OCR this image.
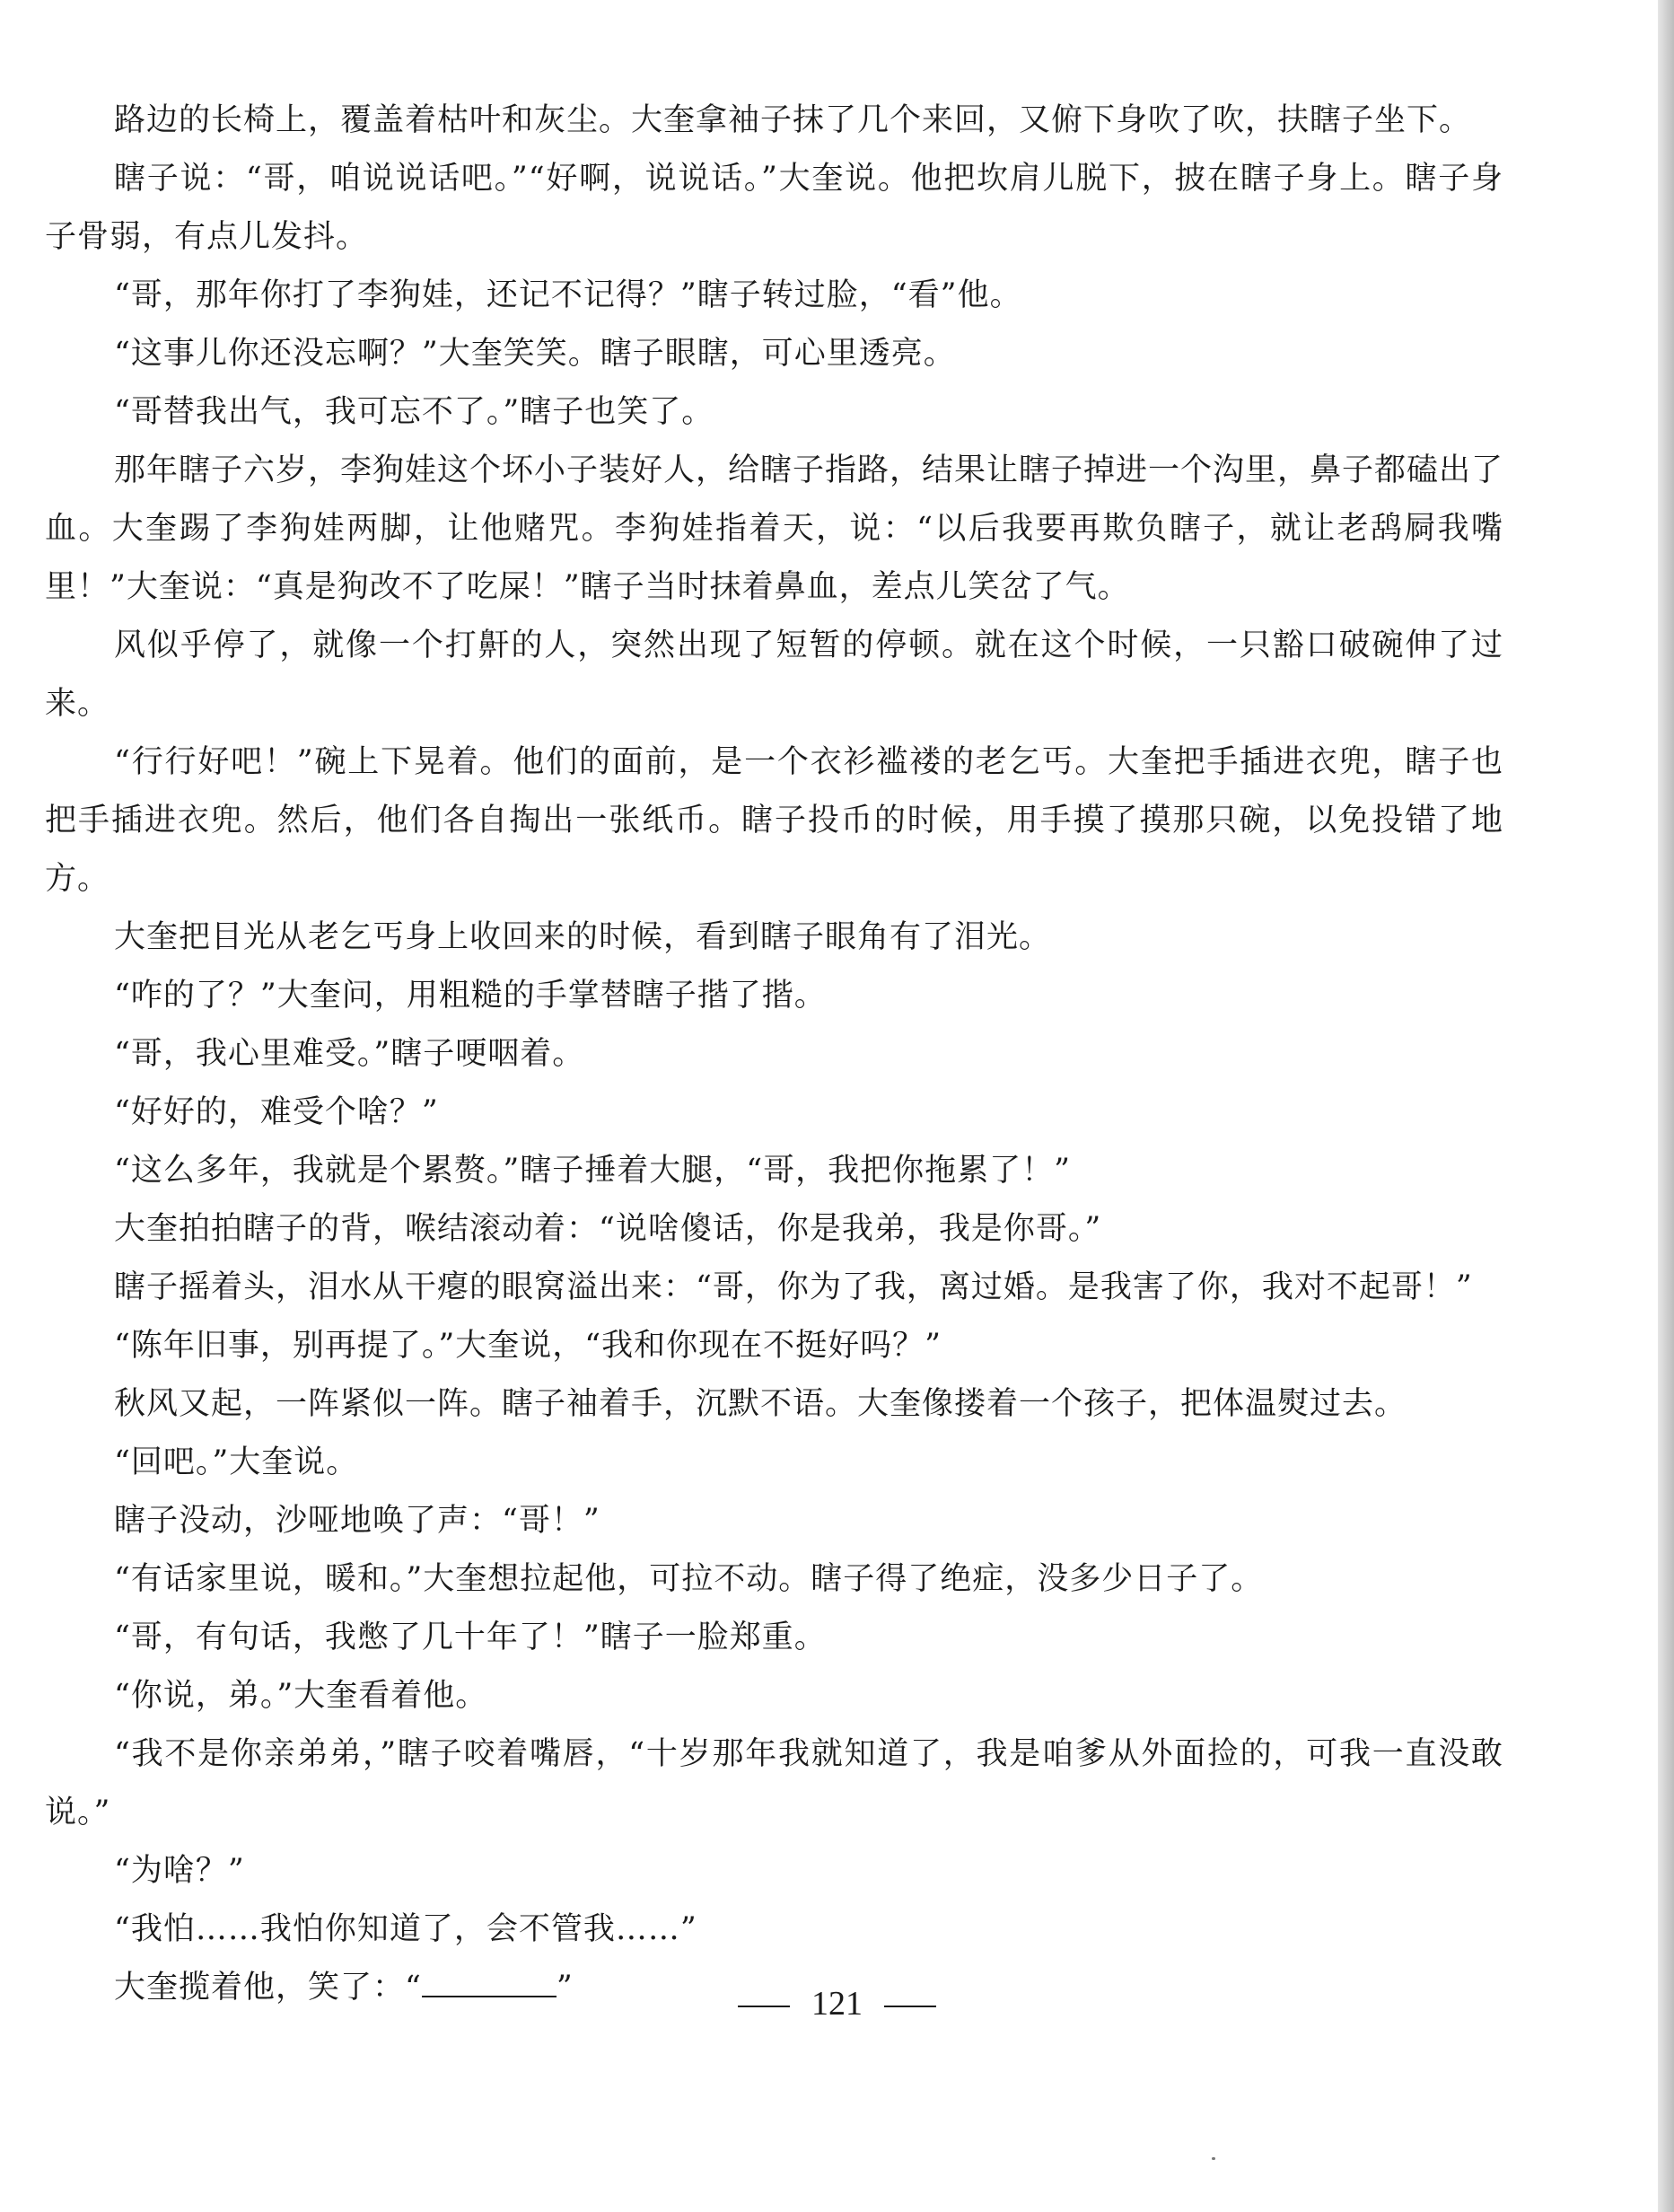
路边的长椅上，覆盖着枯叶和灰尘。大奎拿袖子抹了几个来回，又俯下身吹了吹，扶瞎子坐下。

瞎子说：“哥，咱说说话吧。”“好啊，说说话。”大奎说。他把坎肩儿脱下，披在瞎子身上。瞎子身子骨弱，有点儿发抖。

“哥，那年你打了李狗娃，还记不记得？”瞎子转过脸，“看”他。

“这事儿你还没忘啊？”大奎笑笑。瞎子眼瞎，可心里透亮。

“哥替我出气，我可忘不了。”瞎子也笑了。

那年瞎子六岁，李狗娃这个坏小子装好人，给瞎子指路，结果让瞎子掉进一个沟里，鼻子都磕出了血。大奎踢了李狗娃两脚，让他赌咒。李狗娃指着天，说：“以后我要再欺负瞎子，就让老鸹屙我嘴里！”大奎说：“真是狗改不了吃屎！”瞎子当时抹着鼻血，差点儿笑岔了气。

风似乎停了，就像一个打鼾的人，突然出现了短暂的停顿。就在这个时候，一只豁口破碗伸了过来。

“行行好吧！”碗上下晃着。他们的面前，是一个衣衫褴褛的老乞丐。大奎把手插进衣兜，瞎子也把手插进衣兜。然后，他们各自掏出一张纸币。瞎子投币的时候，用手摸了摸那只碗，以免投错了地方。

大奎把目光从老乞丐身上收回来的时候，看到瞎子眼角有了泪光。

“咋的了？”大奎问，用粗糙的手掌替瞎子揩了揩。

“哥，我心里难受。”瞎子哽咽着。

“好好的，难受个啥？”

“这么多年，我就是个累赘。”瞎子捶着大腿，“哥，我把你拖累了！”

大奎拍拍瞎子的背，喉结滚动着：“说啥傻话，你是我弟，我是你哥。”

瞎子摇着头，泪水从干瘪的眼窝溢出来：“哥，你为了我，离过婚。是我害了你，我对不起哥！”

“陈年旧事，别再提了。”大奎说，“我和你现在不挺好吗？”

秋风又起，一阵紧似一阵。瞎子袖着手，沉默不语。大奎像搂着一个孩子，把体温熨过去。

“回吧。”大奎说。

瞎子没动，沙哑地唤了声：“哥！”

“有话家里说，暖和。”大奎想拉起他，可拉不动。瞎子得了绝症，没多少日子了。

“哥，有句话，我憋了几十年了！”瞎子一脸郑重。

“你说，弟。”大奎看着他。

“我不是你亲弟弟，”瞎子咬着嘴唇，“十岁那年我就知道了，我是咱爹从外面捡的，可我一直没敢说。”

“为啥？”

“我怕……我怕你知道了，会不管我……”

大奎揽着他，笑了：“	”	121
